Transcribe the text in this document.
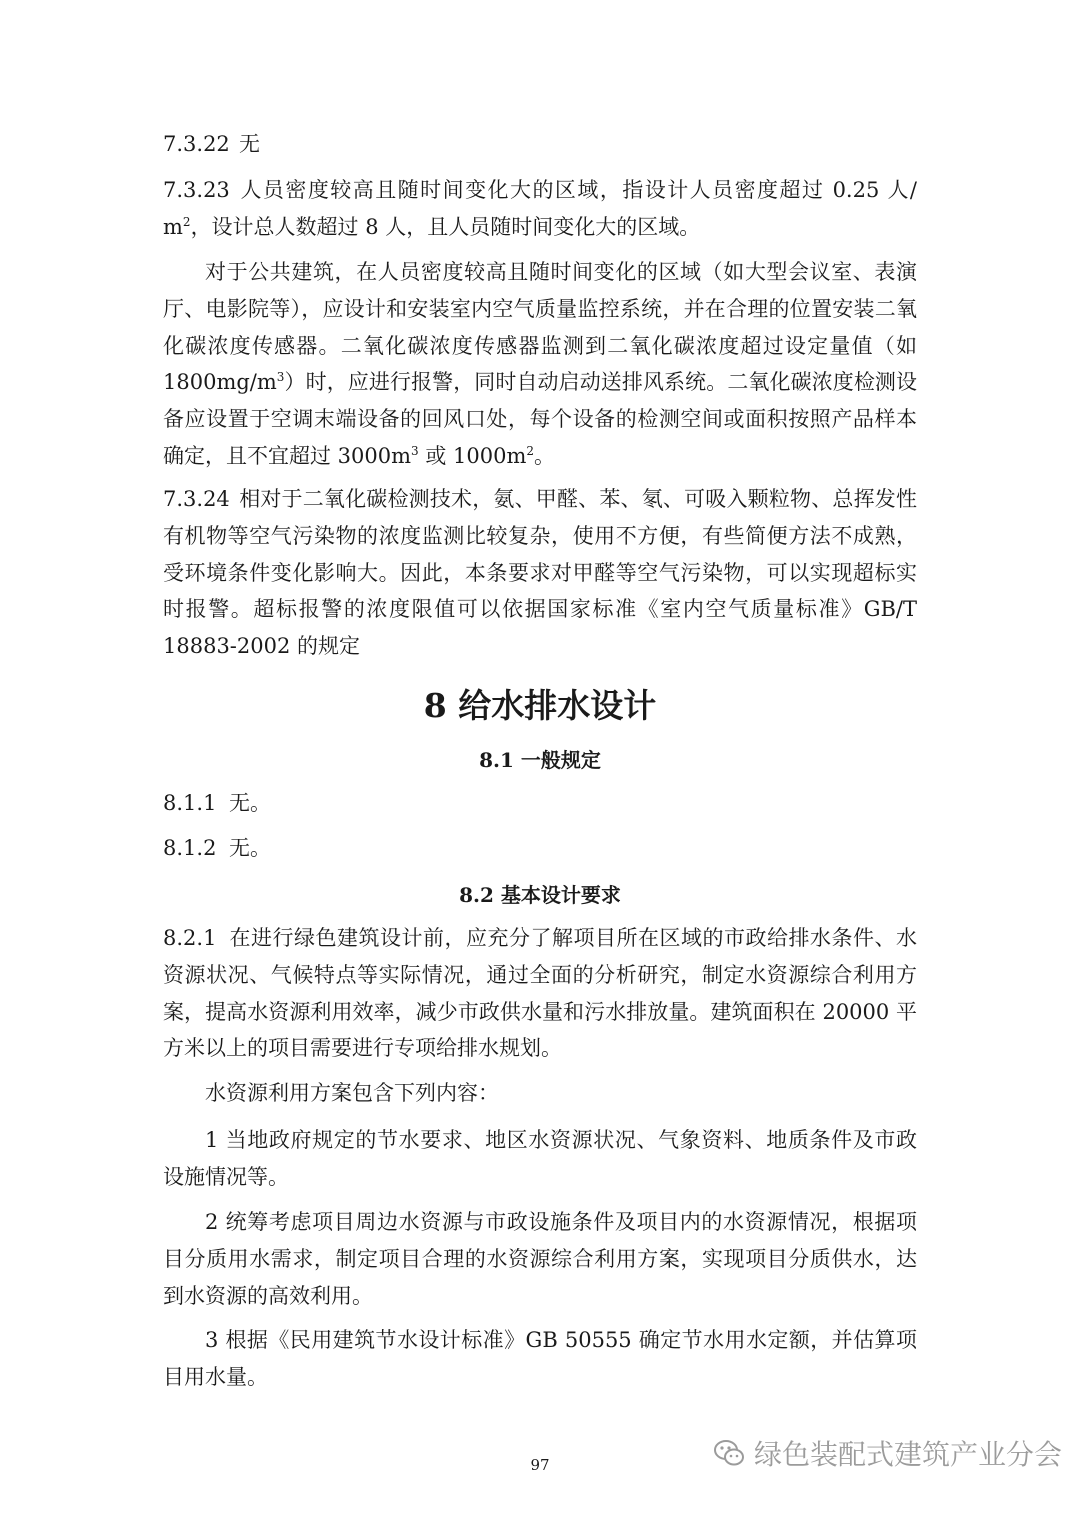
7.3.22 无
7.3.23 人员密度较高且随时间变化大的区域，指设计人员密度超过 0.25 人/ $m^2$，设计总人数超过 8 人，且人员随时间变化大的区域。
对于公共建筑，在人员密度较高且随时间变化的区域（如大型会议室、表演厅、电影院等），应设计和安装室内空气质量监控系统，并在合理的位置安装二氧化碳浓度传感器。二氧化碳浓度传感器监测到二氧化碳浓度超过设定量值（如 $1800mg/m^3$）时，应进行报警，同时自动启动送排风系统。二氧化碳浓度检测设备应设置于空调末端设备的回风口处，每个设备的检测空间或面积按照产品样本确定，且不宜超过 $3000m^3$ 或 $1000m^2$。
7.3.24 相对于二氧化碳检测技术，氨、甲醛、苯、氡、可吸入颗粒物、总挥发性有机物等空气污染物的浓度监测比较复杂，使用不方便，有些简便方法不成熟，受环境条件变化影响大。因此，本条要求对甲醛等空气污染物，可以实现超标实时报警。超标报警的浓度限值可以依据国家标准《室内空气质量标准》GB/T 18883-2002 的规定
8 给水排水设计
8.1 一般规定
8.1.1 无。
8.1.2 无。
8.2 基本设计要求
8.2.1 在进行绿色建筑设计前，应充分了解项目所在区域的市政给排水条件、水资源状况、气候特点等实际情况，通过全面的分析研究，制定水资源综合利用方案，提高水资源利用效率，减少市政供水量和污水排放量。建筑面积在 20000 平方米以上的项目需要进行专项给排水规划。
水资源利用方案包含下列内容：
1 当地政府规定的节水要求、地区水资源状况、气象资料、地质条件及市政设施情况等。
2 统筹考虑项目周边水资源与市政设施条件及项目内的水资源情况，根据项目分质用水需求，制定项目合理的水资源综合利用方案，实现项目分质供水，达到水资源的高效利用。
3 根据《民用建筑节水设计标准》GB 50555 确定节水用水定额，并估算项目用水量。
97	绿色装配式建筑产业分会
